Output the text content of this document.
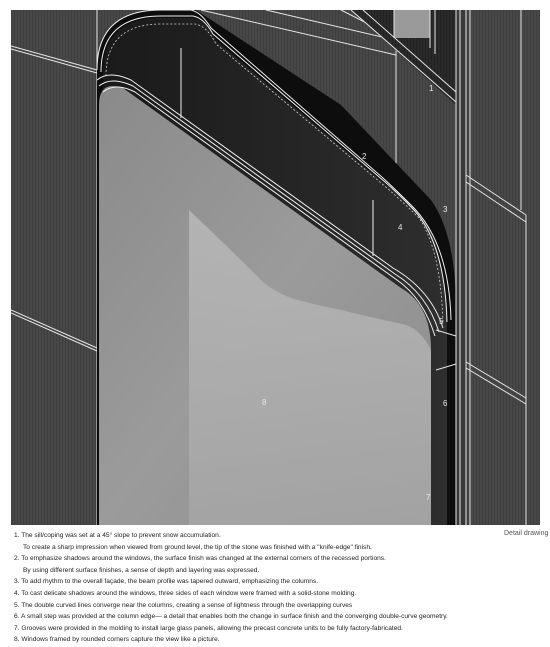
1
2
3
4
5
6
7
8
Detail drawing
1. The sill/coping was set at a 45° slope to prevent snow accumulation.
To create a sharp impression when viewed from ground level, the tip of the stone was finished with a "knife-edge" finish.
2. To emphasize shadows around the windows, the surface finish was changed at the external corners of the recessed portions.
By using different surface finishes, a sense of depth and layering was expressed.
3. To add rhythm to the overall façade, the beam profile was tapered outward, emphasizing the columns.
4. To cast delicate shadows around the windows, three sides of each window were framed with a solid-stone molding.
5. The double curved lines converge near the columns, creating a sense of lightness through the overlapping curves
6. A small step was provided at the column edge— a detail that enables both the change in surface finish and the converging double-curve geometry.
7. Grooves were provided in the molding to install large glass panels, allowing the precast concrete units to be fully factory-fabricated.
8. Windows framed by rounded corners capture the view like a picture.
